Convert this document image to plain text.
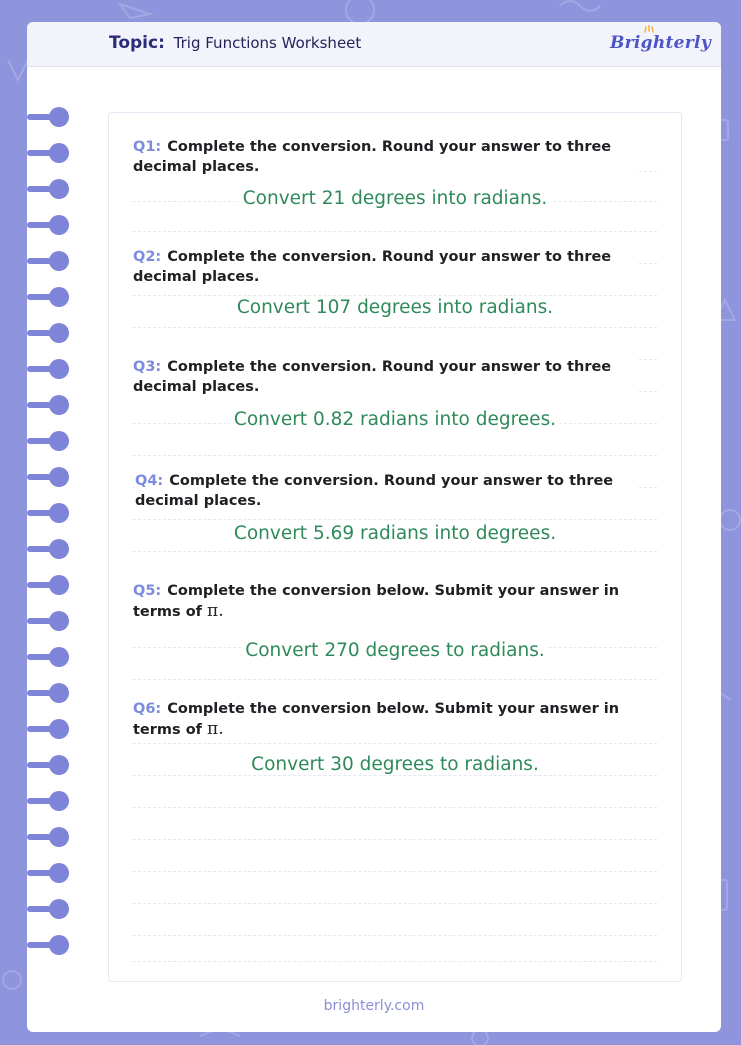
Topic: Trig Functions Worksheet	Brighterly
Q1: Complete the conversion. Round your answer to three decimal places.
Convert 21 degrees into radians.
Q2: Complete the conversion. Round your answer to three decimal places.
Convert 107 degrees into radians.
Q3: Complete the conversion. Round your answer to three decimal places.
Convert 0.82 radians into degrees.
Q4: Complete the conversion. Round your answer to three decimal places.
Convert 5.69 radians into degrees.
Q5: Complete the conversion below. Submit your answer in terms of π.
Convert 270 degrees to radians.
Q6: Complete the conversion below. Submit your answer in terms of π.
Convert 30 degrees to radians.
brighterly.com
